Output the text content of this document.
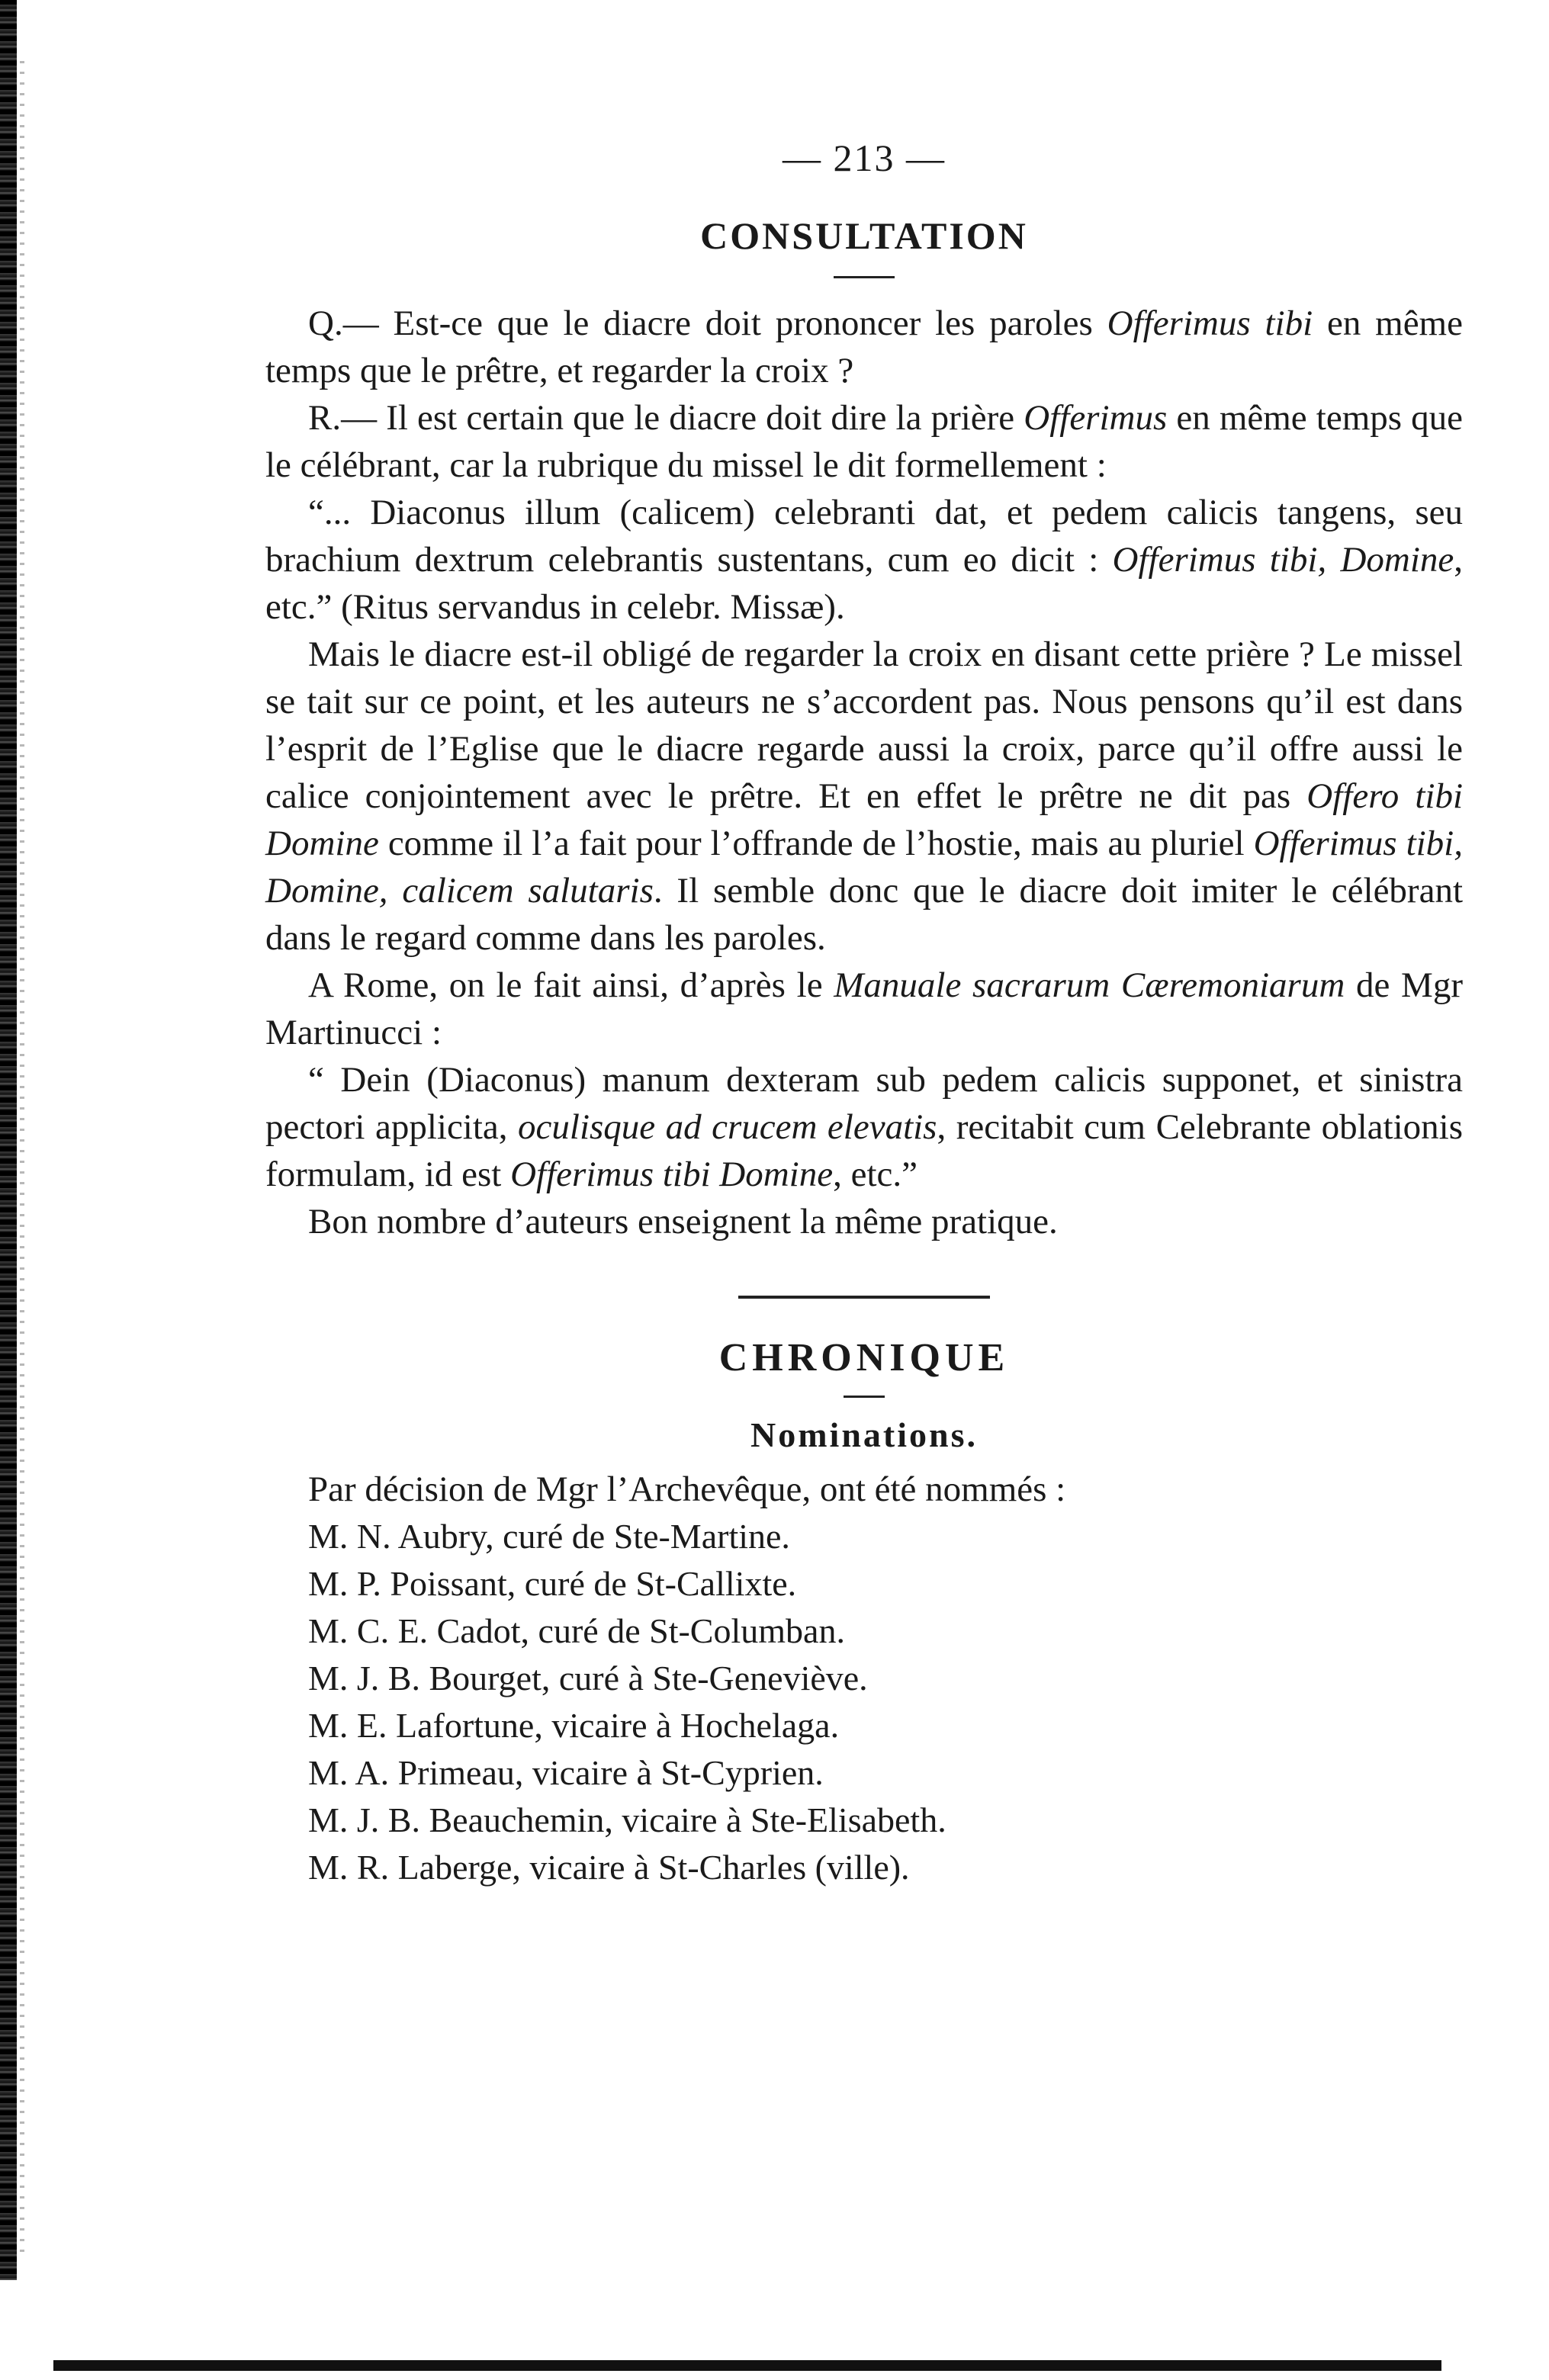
— 213 —
CONSULTATION

Q.— Est-ce que le diacre doit prononcer les paroles Offerimus tibi en même temps que le prêtre, et regarder la croix ?

R.— Il est certain que le diacre doit dire la prière Offerimus en même temps que le célébrant, car la rubrique du missel le dit formellement :

“... Diaconus illum (calicem) celebranti dat, et pedem calicis tangens, seu brachium dextrum celebrantis sustentans, cum eo dicit : Offerimus tibi, Domine, etc.” (Ritus servandus in celebr. Missæ).

Mais le diacre est-il obligé de regarder la croix en disant cette prière ? Le missel se tait sur ce point, et les auteurs ne s’accordent pas. Nous pensons qu’il est dans l’esprit de l’Eglise que le diacre regarde aussi la croix, parce qu’il offre aussi le calice conjointement avec le prêtre. Et en effet le prêtre ne dit pas Offero tibi Domine comme il l’a fait pour l’offrande de l’hostie, mais au pluriel Offerimus tibi, Domine, calicem salutaris. Il semble donc que le diacre doit imiter le célébrant dans le regard comme dans les paroles.

A Rome, on le fait ainsi, d’après le Manuale sacrarum Cæremoniarum de Mgr Martinucci :

“ Dein (Diaconus) manum dexteram sub pedem calicis supponet, et sinistra pectori applicita, oculisque ad crucem elevatis, recitabit cum Celebrante oblationis formulam, id est Offerimus tibi Domine, etc.”

Bon nombre d’auteurs enseignent la même pratique.

CHRONIQUE
Nominations.

Par décision de Mgr l’Archevêque, ont été nommés :

M. N. Aubry, curé de Ste-Martine.
M. P. Poissant, curé de St-Callixte.
M. C. E. Cadot, curé de St-Columban.
M. J. B. Bourget, curé à Ste-Geneviève.
M. E. Lafortune, vicaire à Hochelaga.
M. A. Primeau, vicaire à St-Cyprien.
M. J. B. Beauchemin, vicaire à Ste-Elisabeth.
M. R. Laberge, vicaire à St-Charles (ville).
